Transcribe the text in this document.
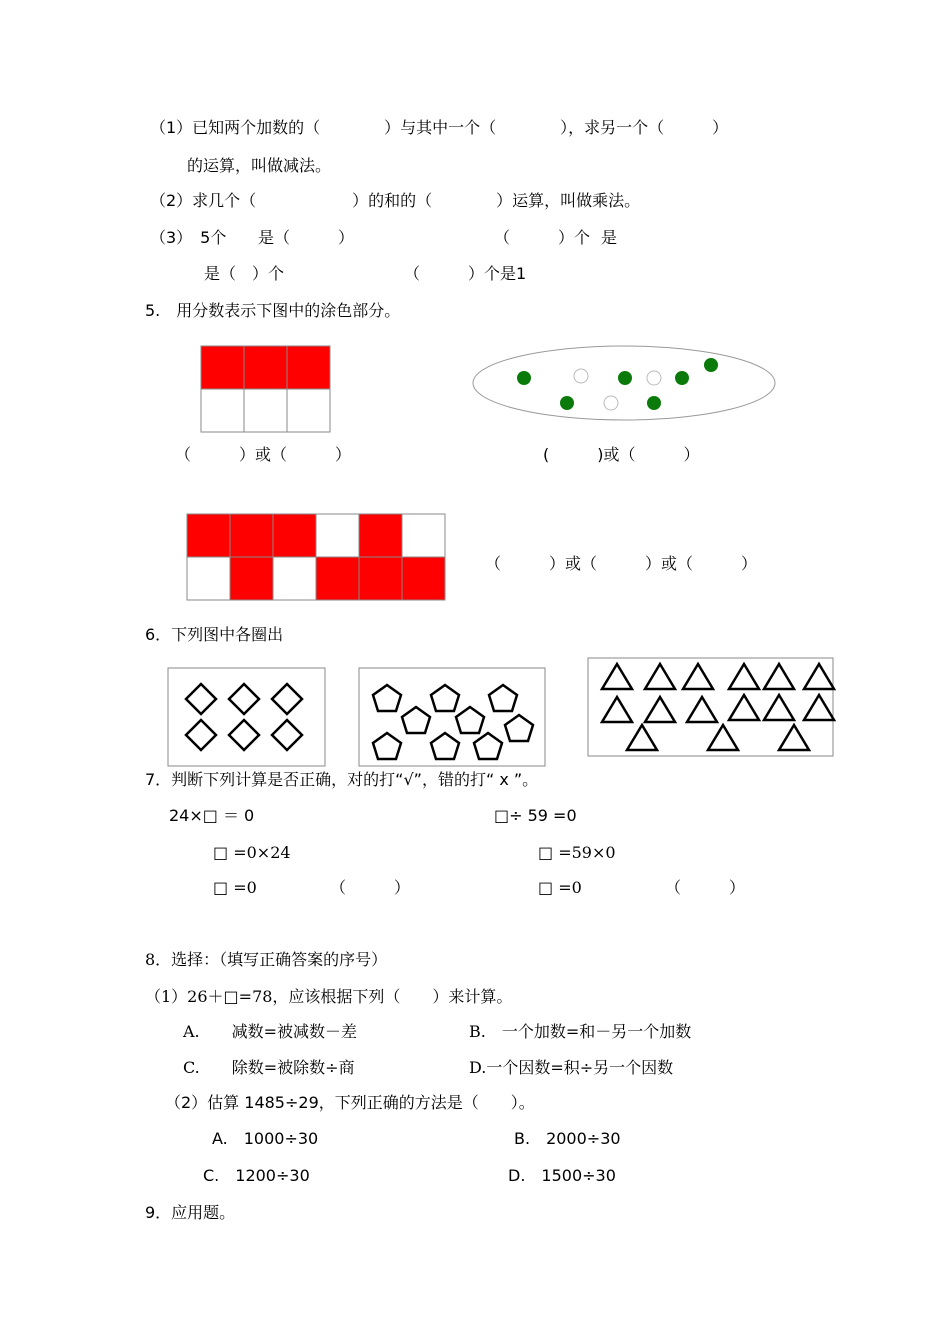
（1）已知两个加数的（　　　　）与其中一个（　　　　），求另一个（　　　）
的运算，叫做减法。
（2）求几个（　　　　　　）的和的（　　　　）运算，叫做乘法。
（3）　5个 是（　　　）	（　　　）个 是
是（　）个	（　　　）个是1
5.　用分数表示下图中的涂色部分。
（　　　）或（　　　）	(　　　)或（　　　）
（　　　）或（　　　）或（　　　）
6．下列图中各圈出
7．判断下列计算是否正确，对的打“√”，错的打“ x ”。
24×□ ＝ 0
□ =0×24
□ =0	（　　　）
□÷ 59 =0
□ =59×0
□ =0	（　　　）
8．选择：（填写正确答案的序号）
（1）26＋□=78，应该根据下列（　　）来计算。
A.　　减数=被减数－差	B.　一个加数=和－另一个加数
C.　　除数=被除数÷商	D.一个因数=积÷另一个因数
（2）估算 1485÷29，下列正确的方法是（　　）。
A.　1000÷30	B.　2000÷30
C.　1200÷30	D.　1500÷30
9．应用题。
